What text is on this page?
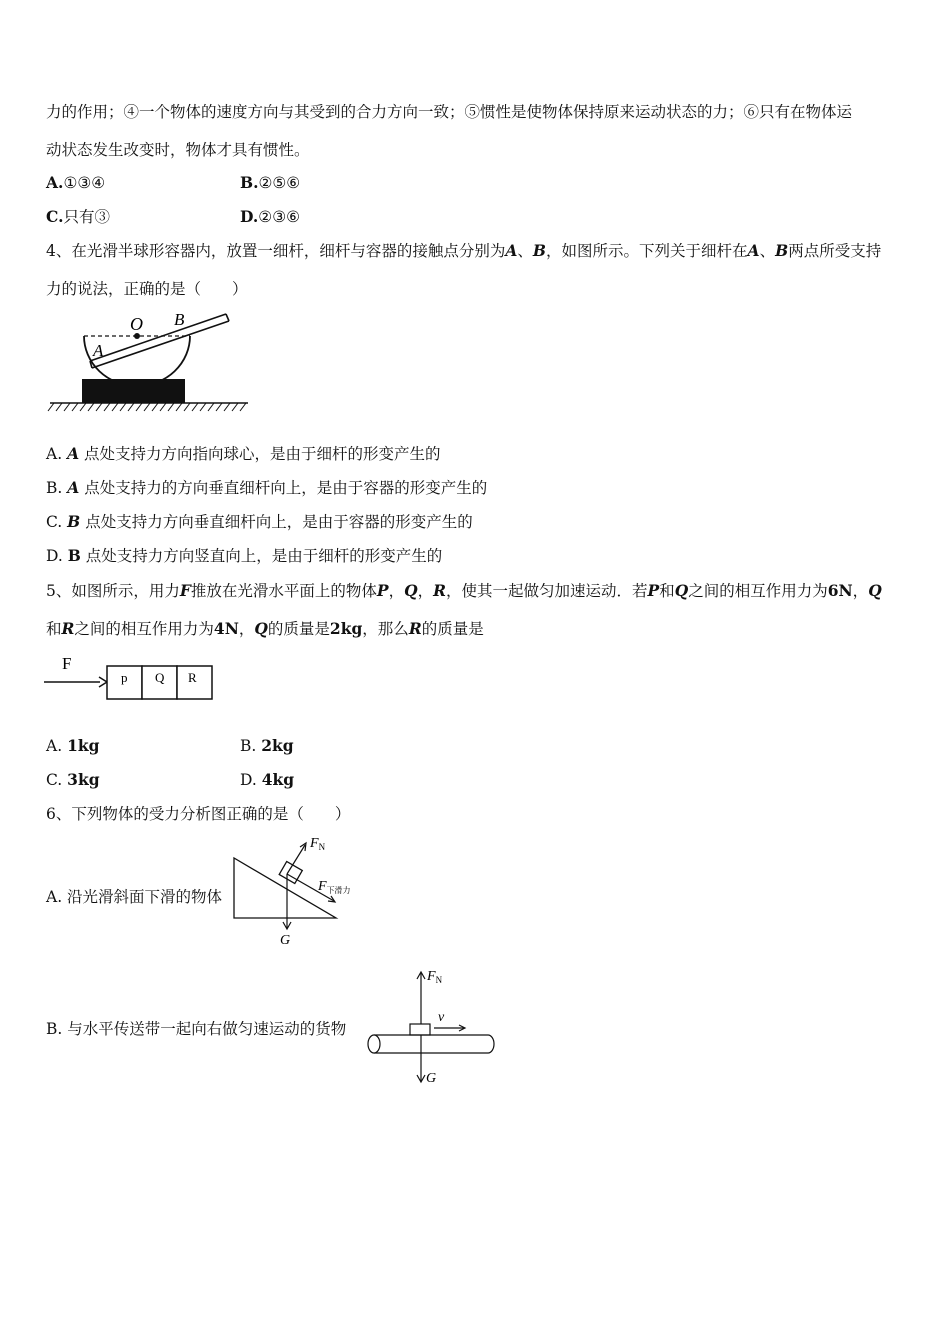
力的作用；④一个物体的速度方向与其受到的合力方向一致；⑤惯性是使物体保持原来运动状态的力；⑥只有在物体运
动状态发生改变时，物体才具有惯性。
A.①③④	B.②⑤⑥
C.只有③	D.②③⑥
4、在光滑半球形容器内，放置一细杆，细杆与容器的接触点分别为A、B，如图所示。下列关于细杆在A、B两点所受支持
力的说法，正确的是（　　）
O B
A
A. A 点处支持力方向指向球心，是由于细杆的形变产生的
B. A 点处支持力的方向垂直细杆向上，是由于容器的形变产生的
C. B 点处支持力方向垂直细杆向上，是由于容器的形变产生的
D. B 点处支持力方向竖直向上，是由于细杆的形变产生的
5、如图所示，用力F推放在光滑水平面上的物体P，Q，R，使其一起做匀加速运动．若P和Q之间的相互作用力为6N，Q
和R之间的相互作用力为4N，Q的质量是2kg，那么R的质量是
F
p Q R
A. 1kg	B. 2kg
C. 3kg	D. 4kg
6、下列物体的受力分析图正确的是（　　）
A. 沿光滑斜面下滑的物体
$F_N$
$F_{下滑力}$
G
B. 与水平传送带一起向右做匀速运动的货物
$F_N$
v
G
